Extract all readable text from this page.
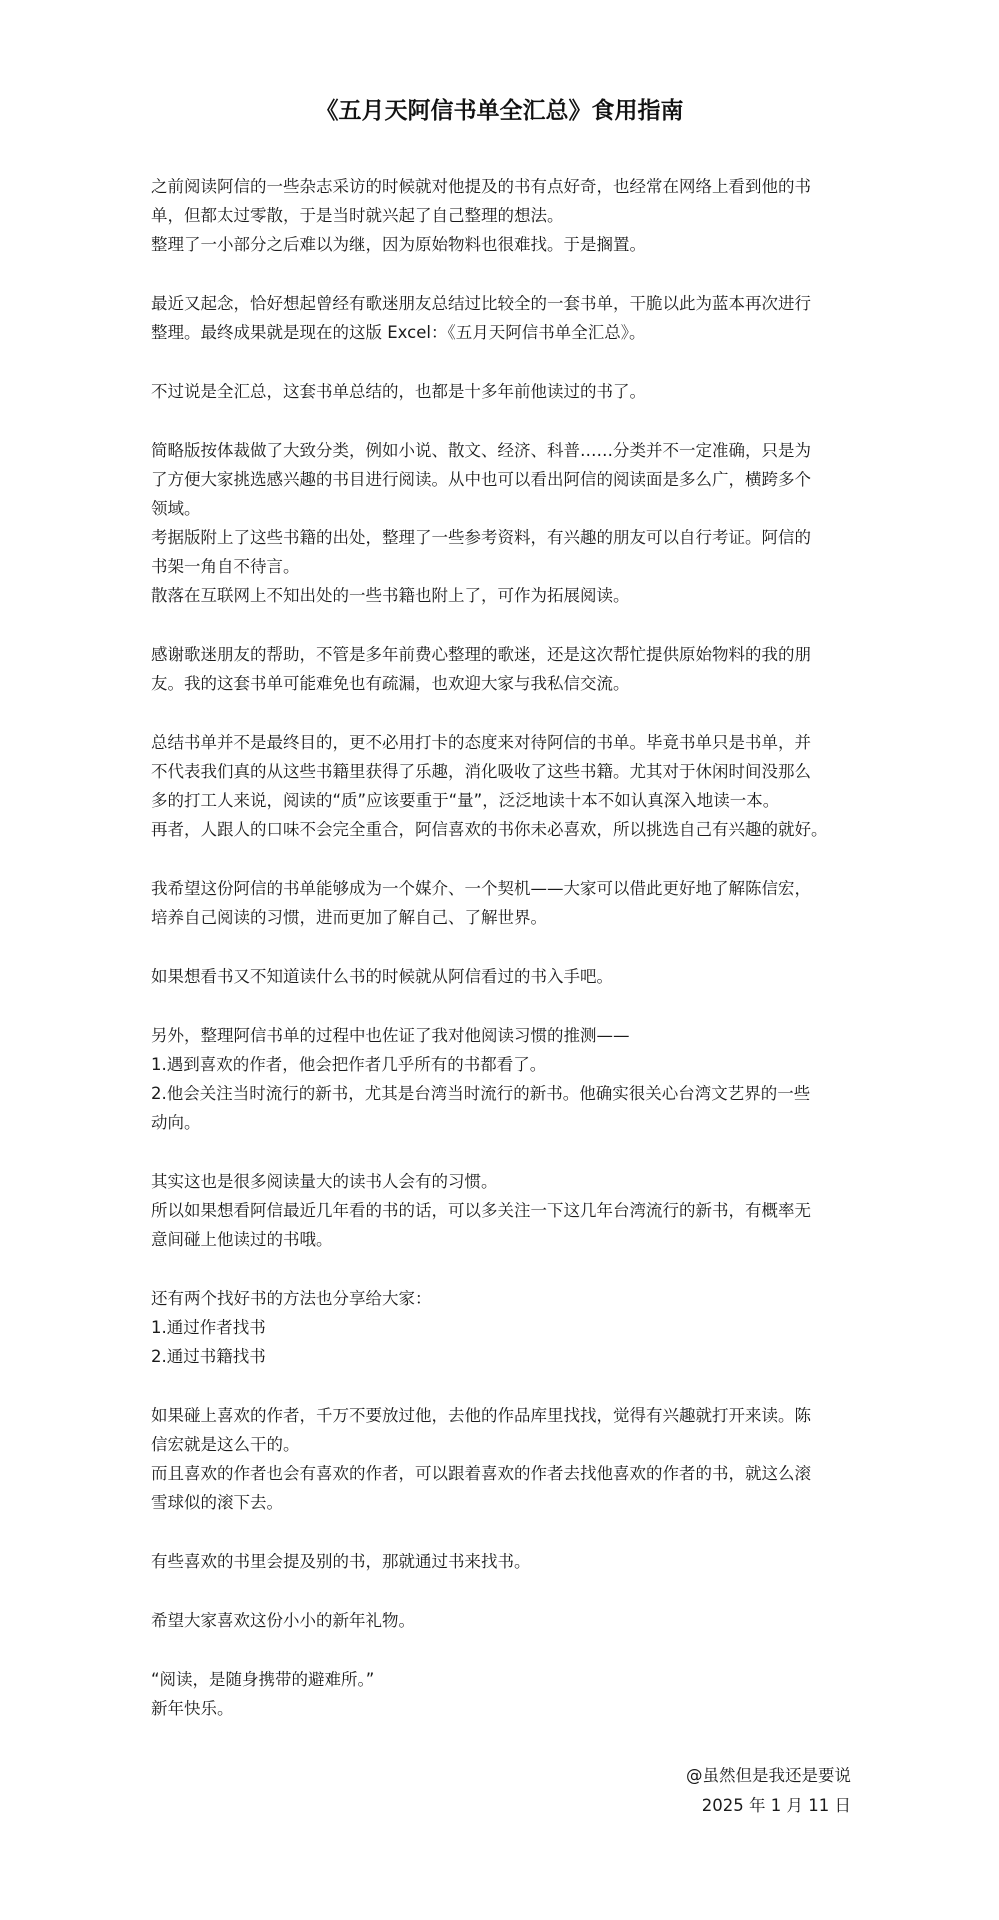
《五月天阿信书单全汇总》食用指南
之前阅读阿信的一些杂志采访的时候就对他提及的书有点好奇，也经常在网络上看到他的书
单，但都太过零散，于是当时就兴起了自己整理的想法。
整理了一小部分之后难以为继，因为原始物料也很难找。于是搁置。
最近又起念，恰好想起曾经有歌迷朋友总结过比较全的一套书单，干脆以此为蓝本再次进行
整理。最终成果就是现在的这版 Excel：《五月天阿信书单全汇总》。
不过说是全汇总，这套书单总结的，也都是十多年前他读过的书了。
简略版按体裁做了大致分类，例如小说、散文、经济、科普……分类并不一定准确，只是为
了方便大家挑选感兴趣的书目进行阅读。从中也可以看出阿信的阅读面是多么广，横跨多个
领域。
考据版附上了这些书籍的出处，整理了一些参考资料，有兴趣的朋友可以自行考证。阿信的
书架一角自不待言。
散落在互联网上不知出处的一些书籍也附上了，可作为拓展阅读。
感谢歌迷朋友的帮助，不管是多年前费心整理的歌迷，还是这次帮忙提供原始物料的我的朋
友。我的这套书单可能难免也有疏漏，也欢迎大家与我私信交流。
总结书单并不是最终目的，更不必用打卡的态度来对待阿信的书单。毕竟书单只是书单，并
不代表我们真的从这些书籍里获得了乐趣，消化吸收了这些书籍。尤其对于休闲时间没那么
多的打工人来说，阅读的“质”应该要重于“量”，泛泛地读十本不如认真深入地读一本。
再者，人跟人的口味不会完全重合，阿信喜欢的书你未必喜欢，所以挑选自己有兴趣的就好。
我希望这份阿信的书单能够成为一个媒介、一个契机——大家可以借此更好地了解陈信宏，
培养自己阅读的习惯，进而更加了解自己、了解世界。
如果想看书又不知道读什么书的时候就从阿信看过的书入手吧。
另外，整理阿信书单的过程中也佐证了我对他阅读习惯的推测——
1.遇到喜欢的作者，他会把作者几乎所有的书都看了。
2.他会关注当时流行的新书，尤其是台湾当时流行的新书。他确实很关心台湾文艺界的一些
动向。
其实这也是很多阅读量大的读书人会有的习惯。
所以如果想看阿信最近几年看的书的话，可以多关注一下这几年台湾流行的新书，有概率无
意间碰上他读过的书哦。
还有两个找好书的方法也分享给大家：
1.通过作者找书
2.通过书籍找书
如果碰上喜欢的作者，千万不要放过他，去他的作品库里找找，觉得有兴趣就打开来读。陈
信宏就是这么干的。
而且喜欢的作者也会有喜欢的作者，可以跟着喜欢的作者去找他喜欢的作者的书，就这么滚
雪球似的滚下去。
有些喜欢的书里会提及别的书，那就通过书来找书。
希望大家喜欢这份小小的新年礼物。
“阅读，是随身携带的避难所。”
新年快乐。
@虽然但是我还是要说
2025 年 1 月 11 日
